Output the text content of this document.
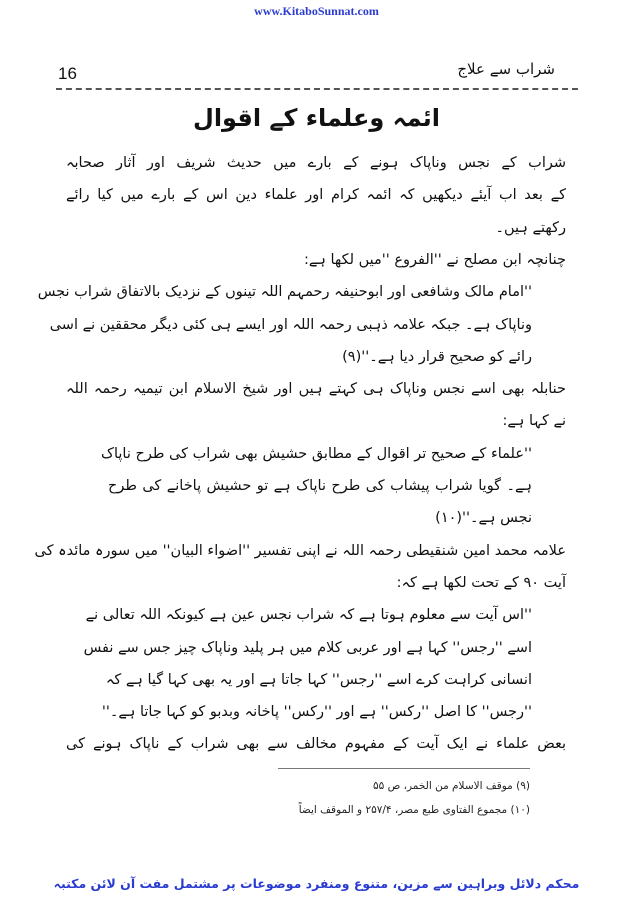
www.KitaboSunnat.com
16	شراب سے علاج
ائمہ وعلماء کے اقوال
شراب کے نجس وناپاک ہونے کے بارے میں حدیث شریف اور آثار صحابہ
کے بعد اب آیئے دیکھیں کہ ائمہ کرام اور علماء دین اس کے بارے میں کیا رائے
رکھتے ہیں۔
چنانچہ ابن مصلح نے ''الفروع ''میں لکھا ہے:
''امام مالک وشافعی اور ابوحنیفہ رحمہم اللہ تینوں کے نزدیک بالاتفاق شراب نجس
وناپاک ہے۔ جبکہ علامہ ذہبی رحمہ اللہ اور ایسے ہی کئی دیگر محققین نے اسی
رائے کو صحیح قرار دیا ہے۔''(۹)
حنابلہ بھی اسے نجس وناپاک ہی کہتے ہیں اور شیخ الاسلام ابن تیمیہ رحمہ اللہ
نے کہا ہے:
''علماء کے صحیح تر اقوال کے مطابق حشیش بھی شراب کی طرح ناپاک
ہے۔ گویا شراب پیشاب کی طرح ناپاک ہے تو حشیش پاخانے کی طرح
نجس ہے۔''(۱۰)
علامہ محمد امین شنقیطی رحمہ اللہ نے اپنی تفسیر ''اضواء البیان'' میں سورہ مائدہ کی
آیت ۹۰ کے تحت لکھا ہے کہ:
''اس آیت سے معلوم ہوتا ہے کہ شراب نجس عین ہے کیونکہ اللہ تعالی نے
اسے ''رجس'' کہا ہے اور عربی کلام میں ہر پلید وناپاک چیز جس سے نفس
انسانی کراہت کرے اسے ''رجس'' کہا جاتا ہے اور یہ بھی کہا گیا ہے کہ
''رجس'' کا اصل ''رکس'' ہے اور ''رکس'' پاخانہ وبدبو کو کہا جاتا ہے۔''
بعض علماء نے ایک آیت کے مفہوم مخالف سے بھی شراب کے ناپاک ہونے کی
(۹) موقف الاسلام من الخمر، ص ۵۵
(۱۰) مجموع الفتاوی طبع مصر، ۲۵۷/۴ و الموقف ایضاً
محکم دلائل وبراہین سے مزین، متنوع ومنفرد موضوعات پر مشتمل مفت آن لائن مکتبہ
